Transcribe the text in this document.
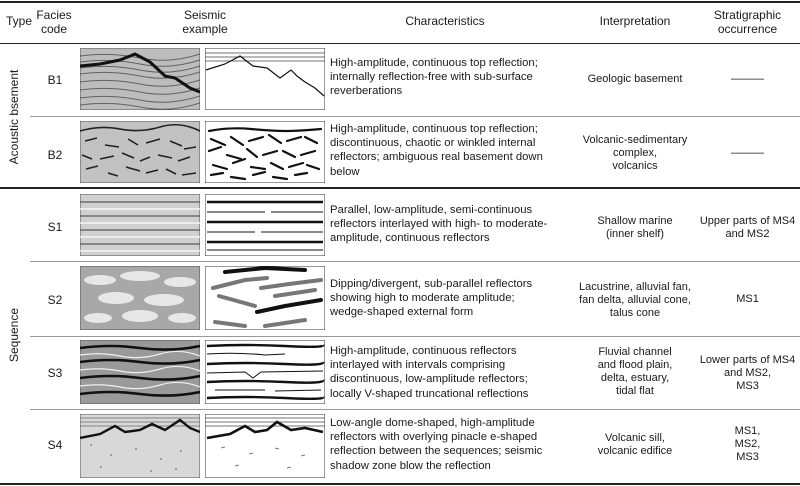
Type Facies
code
Seismic
example
Characteristics	Interpretation	Stratigraphic
occurrence
Acoustic bsement
Sequence
B1
B2
S1
S2
S3
S4
High-amplitude, continuous top reflection;
internally reflection-free with sub-surface
reverberations
High-amplitude, continuous top reflection;
discontinuous, chaotic or winkled internal
reflectors; ambiguous real basement down
below
Parallel, low-amplitude, semi-continuous
reflectors interlayed with high- to moderate-
amplitude, continuous reflectors
Dipping/divergent, sub-parallel reflectors
showing high to moderate amplitude;
wedge-shaped external form
High-amplitude, continuous reflectors
interlayed with intervals comprising
discontinuous, low-amplitude reflectors;
locally V-shaped truncational reflections
Low-angle dome-shaped, high-amplitude
reflectors with overlying pinacle e-shaped
reflection between the sequences; seismic
shadow zone blow the reflection
Geologic basement
Volcanic-sedimentary
complex,
volcanics
Shallow marine
(inner shelf)
Lacustrine, alluvial fan,
fan delta, alluvial cone,
talus cone
Fluvial channel
and flood plain,
delta, estuary,
tidal flat
Volcanic sill,
volcanic edifice
———
———
Upper parts of MS4
and MS2
MS1
Lower parts of MS4
and MS2,
MS3
MS1,
MS2,
MS3
